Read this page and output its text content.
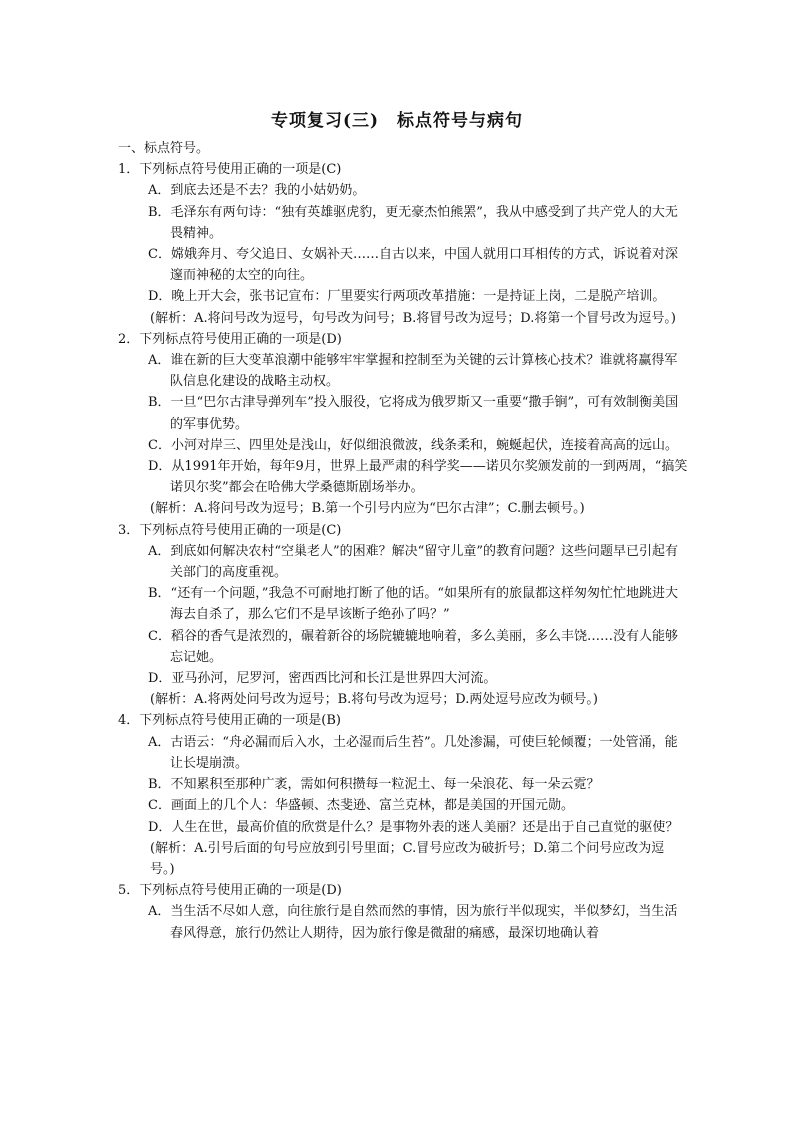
专项复习(三)　标点符号与病句

一、标点符号。

1．下列标点符号使用正确的一项是(C)

A．到底去还是不去？我的小姑奶奶。

B．毛泽东有两句诗：“独有英雄驱虎豹，更无豪杰怕熊罴”，我从中感受到了共产党人的大无畏精神。

C．嫦娥奔月、夸父追日、女娲补天……自古以来，中国人就用口耳相传的方式，诉说着对深邃而神秘的太空的向往。

D．晚上开大会，张书记宣布：厂里要实行两项改革措施：一是持证上岗，二是脱产培训。

(解析：A.将问号改为逗号，句号改为问号；B.将冒号改为逗号；D.将第一个冒号改为逗号。)

2．下列标点符号使用正确的一项是(D)

A．谁在新的巨大变革浪潮中能够牢牢掌握和控制至为关键的云计算核心技术？谁就将赢得军队信息化建设的战略主动权。

B．一旦“巴尔古津导弹列车”投入服役，它将成为俄罗斯又一重要“撒手锏”，可有效制衡美国的军事优势。

C．小河对岸三、四里处是浅山，好似细浪微波，线条柔和，蜿蜒起伏，连接着高高的远山。

D．从1991年开始，每年9月，世界上最严肃的科学奖——诺贝尔奖颁发前的一到两周，“搞笑诺贝尔奖”都会在哈佛大学桑德斯剧场举办。

(解析：A.将问号改为逗号；B.第一个引号内应为“巴尔古津”；C.删去顿号。)

3．下列标点符号使用正确的一项是(C)

A．到底如何解决农村“空巢老人”的困难？解决“留守儿童”的教育问题？这些问题早已引起有关部门的高度重视。

B．“还有一个问题，”我急不可耐地打断了他的话。“如果所有的旅鼠都这样匆匆忙忙地跳进大海去自杀了，那么它们不是早该断子绝孙了吗？”

C．稻谷的香气是浓烈的，碾着新谷的场院辘辘地响着，多么美丽，多么丰饶……没有人能够忘记她。

D．亚马孙河，尼罗河，密西西比河和长江是世界四大河流。

(解析：A.将两处问号改为逗号；B.将句号改为逗号；D.两处逗号应改为顿号。)

4．下列标点符号使用正确的一项是(B)

A．古语云：“舟必漏而后入水，土必湿而后生苔”。几处渗漏，可使巨轮倾覆；一处管涌，能让长堤崩溃。

B．不知累积至那种广袤，需如何积攒每一粒泥土、每一朵浪花、每一朵云霓？

C．画面上的几个人：华盛顿、杰斐逊、富兰克林，都是美国的开国元勋。

D．人生在世，最高价值的欣赏是什么？是事物外表的迷人美丽？还是出于自己直觉的驱使？

(解析：A.引号后面的句号应放到引号里面；C.冒号应改为破折号；D.第二个问号应改为逗号。)

5．下列标点符号使用正确的一项是(D)

A．当生活不尽如人意，向往旅行是自然而然的事情，因为旅行半似现实，半似梦幻，当生活春风得意，旅行仍然让人期待，因为旅行像是微甜的痛感，最深切地确认着
